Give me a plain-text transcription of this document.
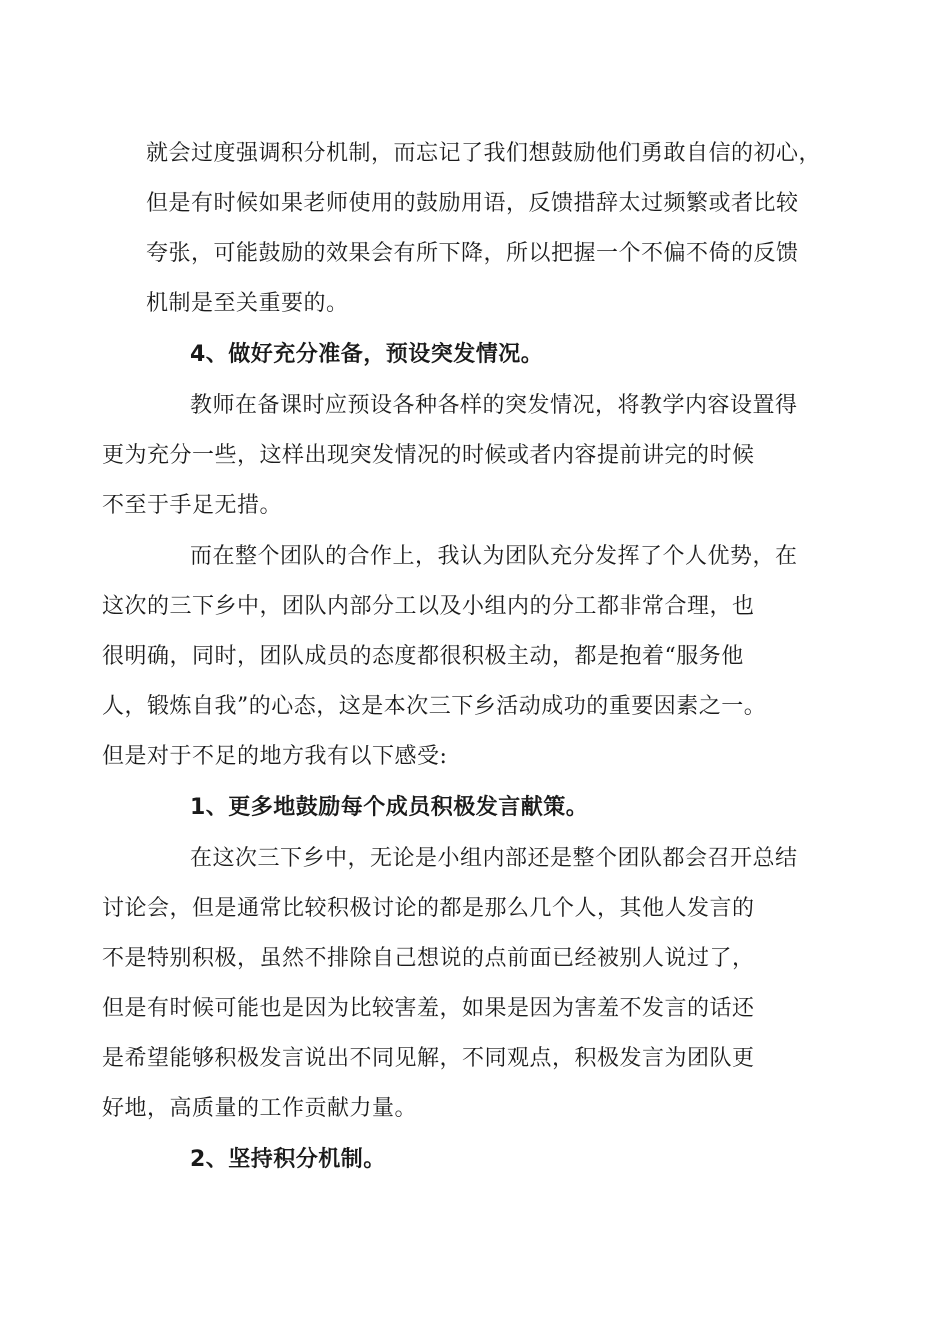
就会过度强调积分机制，而忘记了我们想鼓励他们勇敢自信的初心，
但是有时候如果老师使用的鼓励用语，反馈措辞太过频繁或者比较
夸张，可能鼓励的效果会有所下降，所以把握一个不偏不倚的反馈
机制是至关重要的。
4、做好充分准备，预设突发情况。
教师在备课时应预设各种各样的突发情况，将教学内容设置得
更为充分一些，这样出现突发情况的时候或者内容提前讲完的时候
不至于手足无措。
而在整个团队的合作上，我认为团队充分发挥了个人优势，在
这次的三下乡中，团队内部分工以及小组内的分工都非常合理，也
很明确，同时，团队成员的态度都很积极主动，都是抱着“服务他
人，锻炼自我”的心态，这是本次三下乡活动成功的重要因素之一。
但是对于不足的地方我有以下感受:
1、更多地鼓励每个成员积极发言献策。
在这次三下乡中，无论是小组内部还是整个团队都会召开总结
讨论会，但是通常比较积极讨论的都是那么几个人，其他人发言的
不是特别积极，虽然不排除自己想说的点前面已经被别人说过了，
但是有时候可能也是因为比较害羞，如果是因为害羞不发言的话还
是希望能够积极发言说出不同见解，不同观点，积极发言为团队更
好地，高质量的工作贡献力量。
2、坚持积分机制。
